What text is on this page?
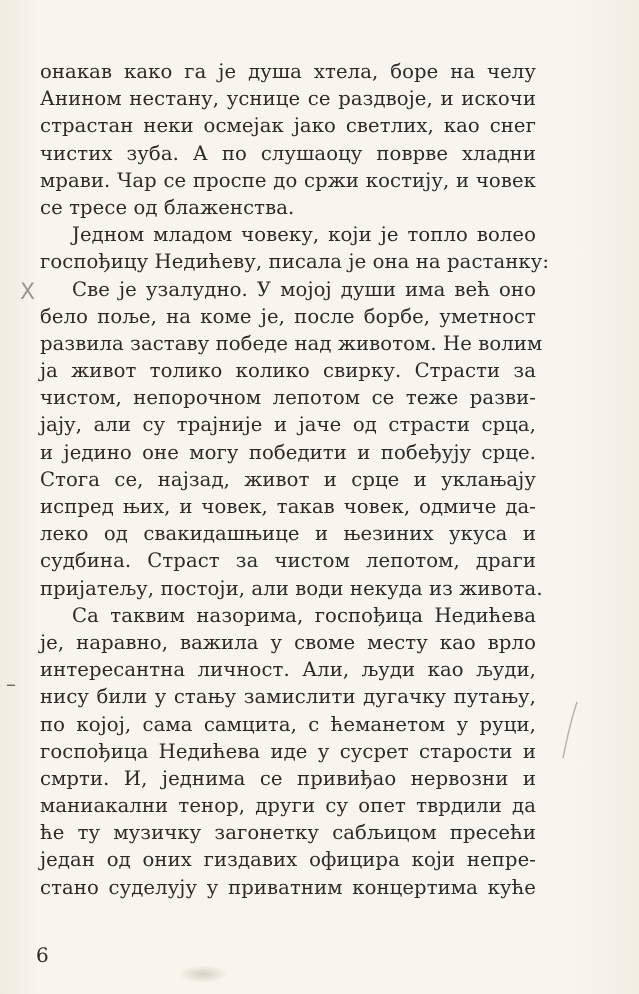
онакав како га је душа хтела, боре на челу
Анином нестану, уснице се раздвоје, и искочи
страстан неки осмејак јако светлих, као снег
чистих зуба. А по слушаоцу поврве хладни
мрави. Чар се проспе до сржи костију, и човек
се тресе од блаженства.
Једном младом човеку, који је топло волео
госпођицу Недићеву, писала је она на растанку:
Све је узалудно. У мојој души има већ оно
бело поље, на коме је, после борбе, уметност
развила заставу победе над животом. Не волим
ја живот толико колико свирку. Страсти за
чистом, непорочном лепотом се теже разви-
јају, али су трајније и јаче од страсти срца,
и једино оне могу победити и побеђују срце.
Стога се, најзад, живот и срце и уклањају
испред њих, и човек, такав човек, одмиче да-
леко од свакидашњице и њезиних укуса и
судбина. Страст за чистом лепотом, драги
пријатељу, постоји, али води некуда из живота.
Са таквим назорима, госпођица Недићева
је, наравно, важила у своме месту као врло
интересантна личност. Али, људи као људи,
нису били у стању замислити дугачку путању,
по којој, сама самцита, с ћеманетом у руци,
госпођица Недићева иде у сусрет старости и
смрти. И, једнима се привиђао нервозни и
маниакални тенор, други су опет тврдили да
ће ту музичку загонетку сабљицом пресећи
један од оних гиздавих официра који непре-
стано суделују у приватним концертима куће
X
–
6
